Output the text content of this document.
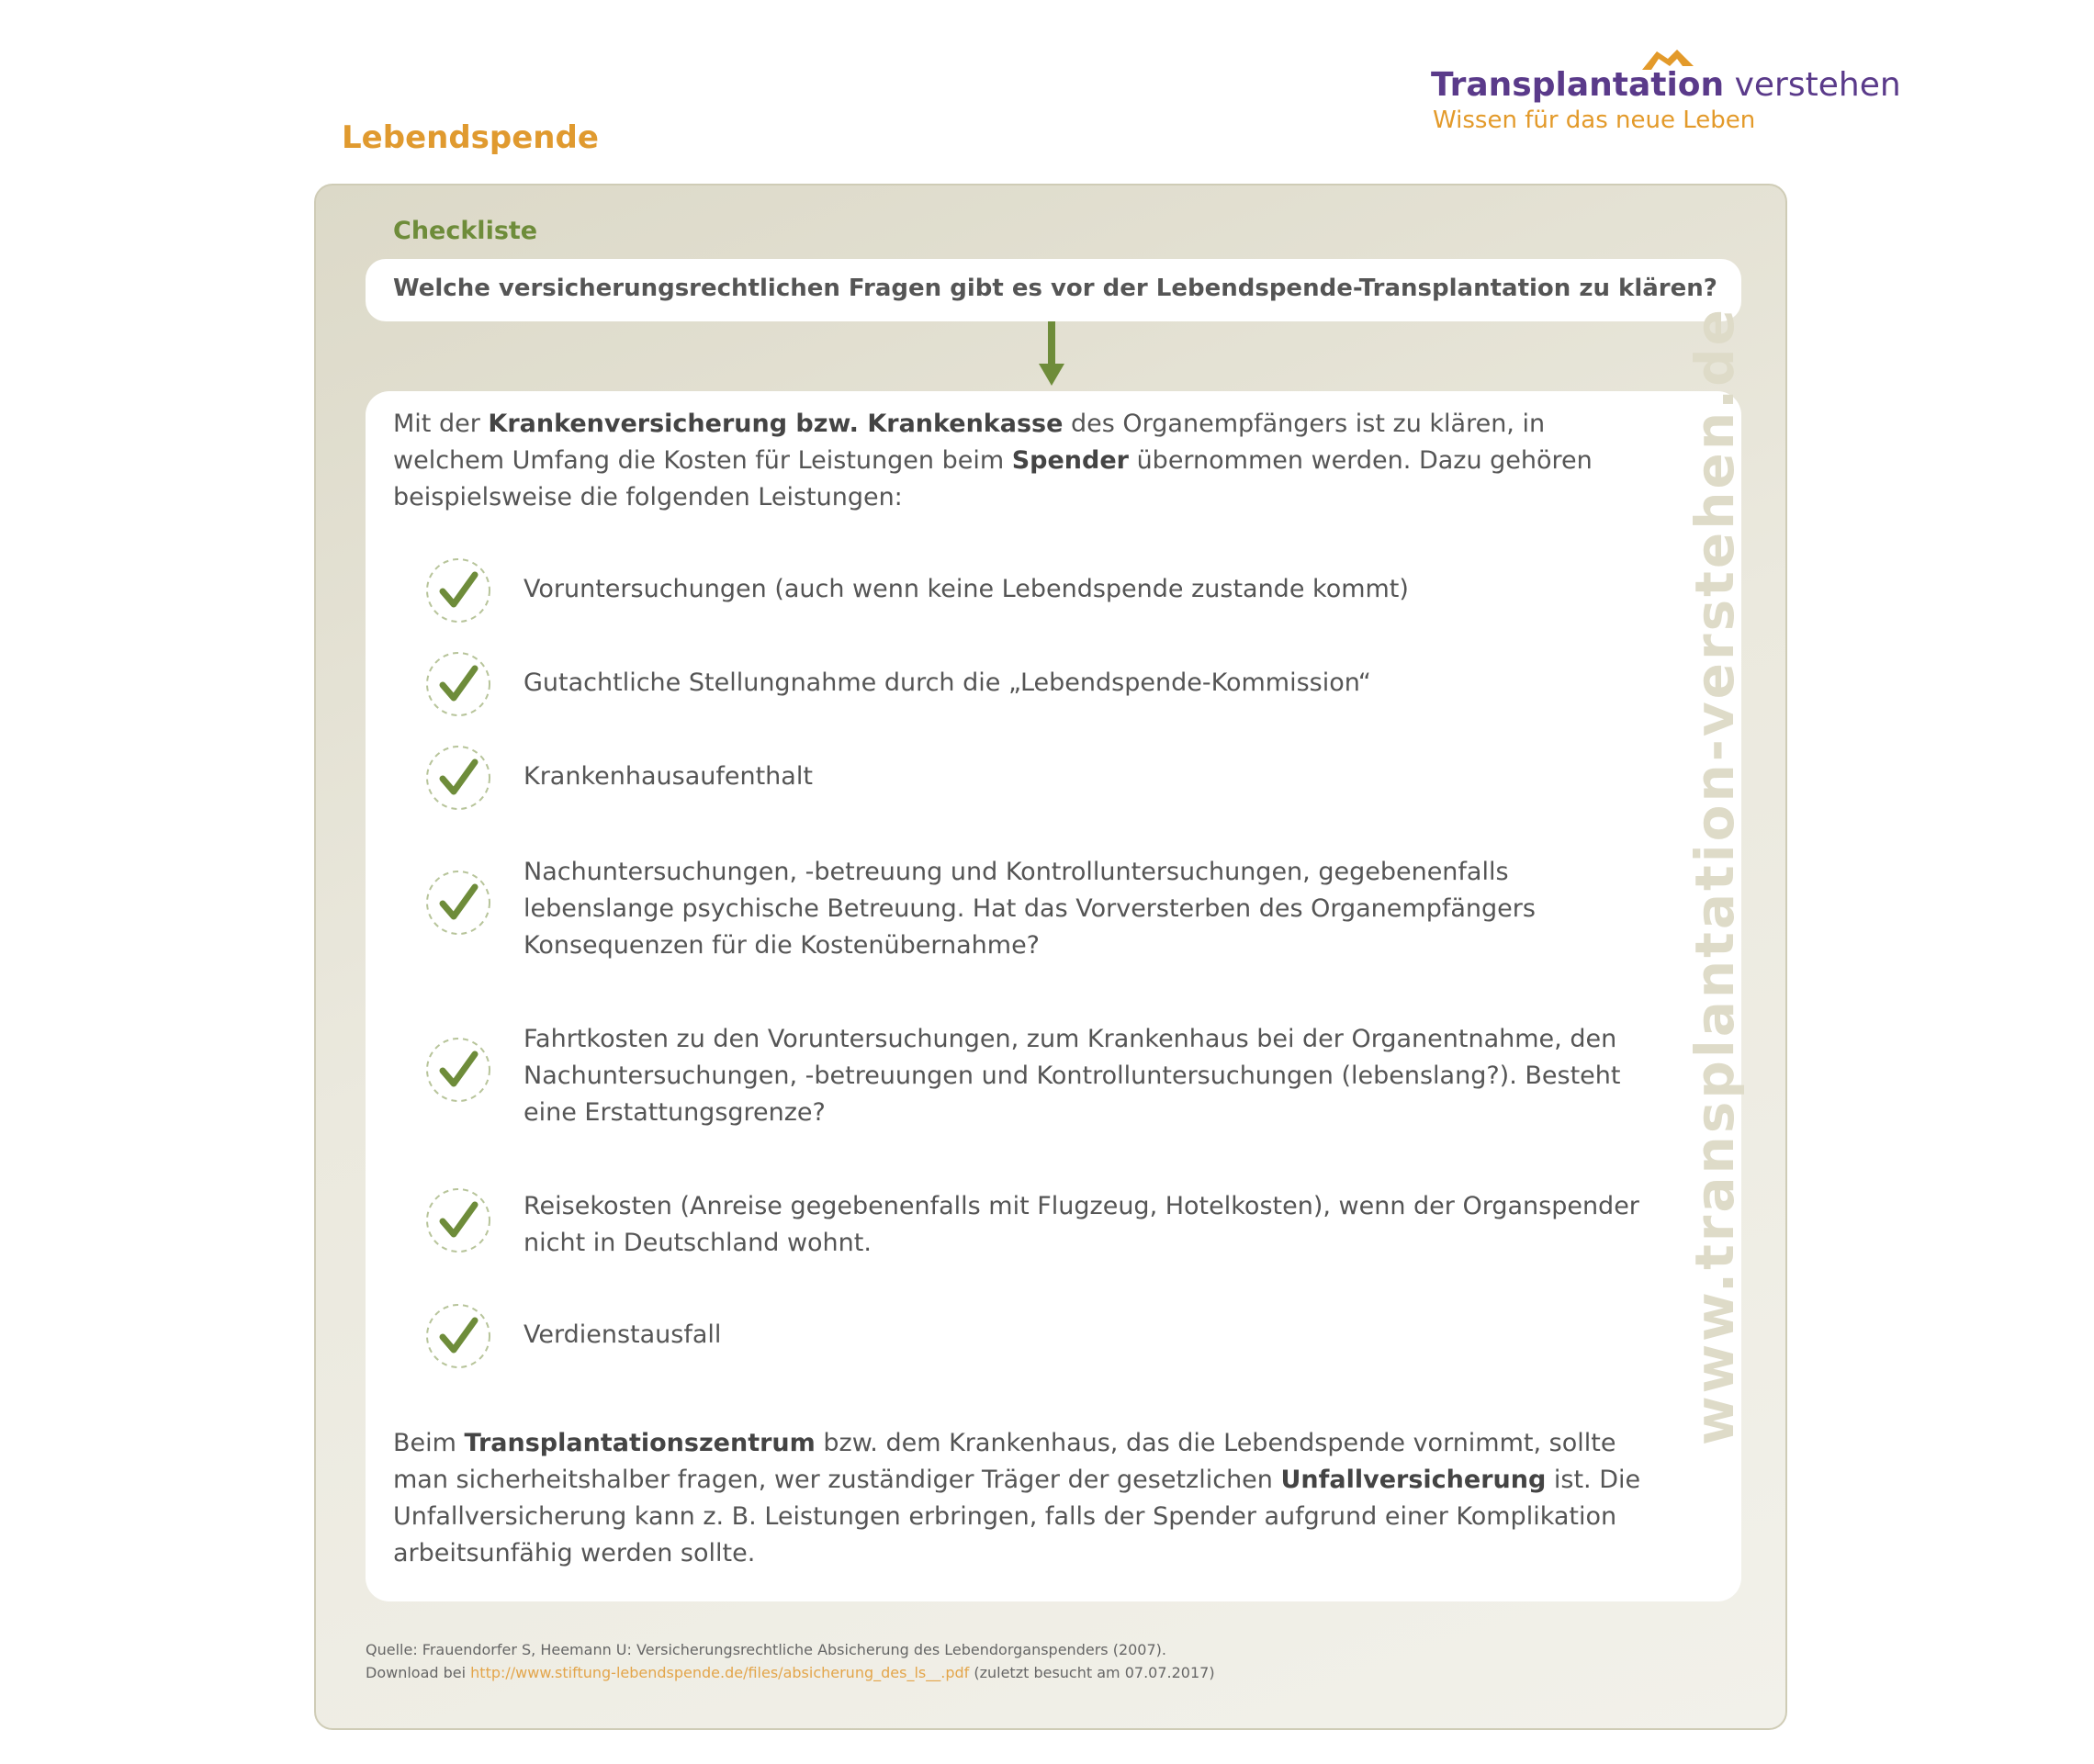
Transplantation verstehen
Wissen für das neue Leben
Lebendspende
Checkliste
Welche versicherungsrechtlichen Fragen gibt es vor der Lebendspende-Transplantation zu klären?
Mit der Krankenversicherung bzw. Krankenkasse des Organempfängers ist zu klären, in welchem Umfang die Kosten für Leistungen beim Spender übernommen werden. Dazu gehören beispielsweise die folgenden Leistungen:
Voruntersuchungen (auch wenn keine Lebendspende zustande kommt)
Gutachtliche Stellungnahme durch die „Lebendspende-Kommission“
Krankenhausaufenthalt
Nachuntersuchungen, -betreuung und Kontrolluntersuchungen, gegebenenfalls lebenslange psychische Betreuung. Hat das Vorversterben des Organempfängers Konsequenzen für die Kostenübernahme?
Fahrtkosten zu den Voruntersuchungen, zum Krankenhaus bei der Organentnahme, den Nachuntersuchungen, -betreuungen und Kontrolluntersuchungen (lebenslang?). Besteht eine Erstattungsgrenze?
Reisekosten (Anreise gegebenenfalls mit Flugzeug, Hotelkosten), wenn der Organspender nicht in Deutschland wohnt.
Verdienstausfall
Beim Transplantationszentrum bzw. dem Krankenhaus, das die Lebendspende vornimmt, sollte man sicherheitshalber fragen, wer zuständiger Träger der gesetzlichen Unfallversicherung ist. Die Unfallversicherung kann z. B. Leistungen erbringen, falls der Spender aufgrund einer Komplikation arbeitsunfähig werden sollte.
www.transplantation-verstehen.de
Quelle: Frauendorfer S, Heemann U: Versicherungsrechtliche Absicherung des Lebendorganspenders (2007).
Download bei http://www.stiftung-lebendspende.de/files/absicherung_des_ls__.pdf (zuletzt besucht am 07.07.2017)
